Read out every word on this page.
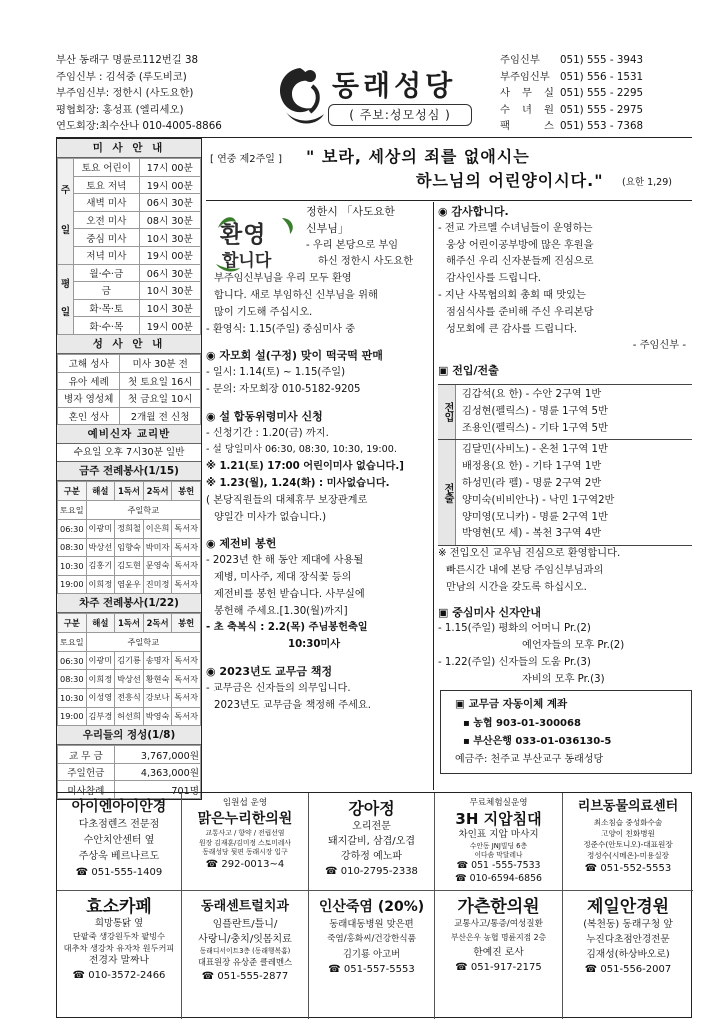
부산 동래구 명륜로112번길 38
주임신부 : 김석중 (루도비코)
부주임신부: 정한시 (사도요한)
평협회장: 홍성표 (엘리세오)
연도회장:최수산나 010-4005-8866
동래성당
( 주보:성모성심 )
주임신부	051) 555 - 3943
부주임신부 051) 556 - 1531
사 무 실 051) 555 - 2295
수 녀 원 051) 555 - 2975
팩 스 051) 553 - 7368
미 사 안 내
주
일	토요 어린이	17시 00분
	토요 저녁	19시 00분
	새벽 미사	06시 30분
	오전 미사	08시 30분
	중심 미사	10시 30분
	저녁 미사	19시 00분

평
일	월·수·금	06시 30분
	금	10시 30분
	화·목·토	10시 30분
	화·수·목	19시 00분
성 사 안 내
고해 성사	미사 30분 전
유아 세례	첫 토요일 16시
병자 영성체	첫 금요일 10시
혼인 성사	2개월 전 신청
예비신자 교리반
수요일 오후 7시30분 일반
금주 전례봉사(1/15)
구분	해설	1독서	2독서	봉헌
토요일	주일학교			
06:30	이광미	정희철	이은희	독서자
08:30	박상선	임향숙	박미자	독서자
10:30	김홍기	김도현	문영숙	독서자
19:00	이희정	염윤우	진미정	독서자
차주 전례봉사(1/22)
구분	해설	1독서	2독서	봉헌
토요일	주일학교			
06:30	이광미	김기룡	송명자	독서자
08:30	이희정	박상선	황현숙	독서자
10:30	이성영	전흥식	강보나	독서자
19:00	김부경	허선희	박영숙	독서자
우리들의 정성(1/8)
교 무 금	3,767,000원
주일헌금	4,363,000원
미사참례	701명
[ 연중 제2주일 ] " 보라, 세상의 죄를 없애시는
하느님의 어린양이시다." (요한 1,29)
환영
합니다
정한시 「사도요한
신부님」
- 우리 본당으로 부임
하신 정한시 사도요한
부주임신부님을 우리 모두 환영
합니다. 새로 부임하신 신부님을 위해
많이 기도해 주십시오.
- 환영식: 1.15(주일) 중심미사 중
◉ 자모회 설(구정) 맞이 떡국떡 판매
- 일시: 1.14(토) ~ 1.15(주일)
- 문의: 자모회장 010-5182-9205
◉ 설 합동위령미사 신청
- 신청기간 : 1.20(금) 까지.
- 설 당일미사 06:30, 08:30, 10:30, 19:00.
※ 1.21(토) 17:00 어린이미사 없습니다.]
※ 1.23(월), 1.24(화) : 미사없습니다.
( 본당직원들의 대체휴무 보장관계로
양일간 미사가 없습니다.)
◉ 제전비 봉헌
- 2023년 한 해 동안 제대에 사용될
제병, 미사주, 제대 장식꽃 등의
제전비를 봉헌 받습니다. 사무실에
봉헌해 주세요.[1.30(월)까지]
- 초 축복식 : 2.2(목) 주님봉헌축일
10:30미사
◉ 2023년도 교무금 책정
- 교무금은 신자들의 의무입니다.
2023년도 교무금을 책정해 주세요.
◉ 감사합니다.
- 전교 가르멜 수녀님들이 운영하는
웅상 어린이공부방에 많은 후원을
해주신 우리 신자분들께 진심으로
감사인사를 드립니다.
- 지난 사목협의회 총회 때 맛있는
점심식사를 준비해 주신 우리본당
성모회에 큰 감사를 드립니다.
- 주임신부 -
▣ 전입/전출
전입
김갑석(요 한) - 수안 2구역 1반
김성현(펠릭스) - 명륜 1구역 5반
조용인(펠릭스) - 기타 1구역 5반
전출
김달민(사비노) - 온천 1구역 1반
배정용(요 한) - 기타 1구역 1반
하성민(라 펠) - 명륜 2구역 2반
양미숙(비비안나) - 낙민 1구역2반
양미영(모니카) - 명륜 2구역 1반
박영현(모 세) - 복천 3구역 4반
※ 전입오신 교우님 진심으로 환영합니다.
빠른시간 내에 본당 주임신부님과의
만남의 시간을 갖도록 하십시오.
▣ 중심미사 신자안내
- 1.15(주일) 평화의 어머니 Pr.(2)
예언자들의 모후 Pr.(2)
- 1.22(주일) 신자들의 도움 Pr.(3)
자비의 모후 Pr.(3)
▣ 교무금 자동이체 계좌
▪ 농협 903-01-300068
▪ 부산은행 033-01-036130-5
예금주: 천주교 부산교구 동래성당
아이엔아이안경
다초점렌즈 전문점
수안치안센터 옆
주상욱 베르나르도
☎ 051-555-1409
임원섭 운영
맑은누리한의원
교통사고 / 향약 / 전립선염
원장 김재훈/김미정 스토미레사
동래성당 뒷편 동래시장 입구
☎ 292-0013~4
강아정
오리전문
돼지갈비, 삼겹/오겹
강하정 예노파
☎ 010-2795-2338
무료체험실운영
3H 지압침대
차인표 지압 마사지
수안동 JNJ빌딩 6층
이다솜 막달레나
☎ 051 -555-7533
☎ 010-6594-6856
리브동물의료센터
최소침습 중성화수술
고양이 친화병원
정준수(안토니오)-대표원장
정성수(시메온)-미용실장
☎ 051-552-5553
효소카페
희망통닭 옆
단팥죽 생강원두차 팥빙수
대추차 생강차 유자차 원두커피
전경자 말짜나
☎ 010-3572-2466
동래센트럴치과
임플란트/틀니/
사랑니/충치/잇몸치료
동래디서이트3층 (동래행복홈)
대표원장 유상준 클레멘스
☎ 051-555-2877
인산죽염 (20%)
동래대동병원 맞은편
죽염/홍화씨/건강한식품
김기룡 아고버
☎ 051-557-5553
가츤한의원
교통사고/통증/여성질환
부산은우 농협 명륜지점 2층
한예진 로사
☎ 051-917-2175
제일안경원
(복천동) 동래구청 앞
누진다초점안경전문
김재성(하상바오로)
☎ 051-556-2007
